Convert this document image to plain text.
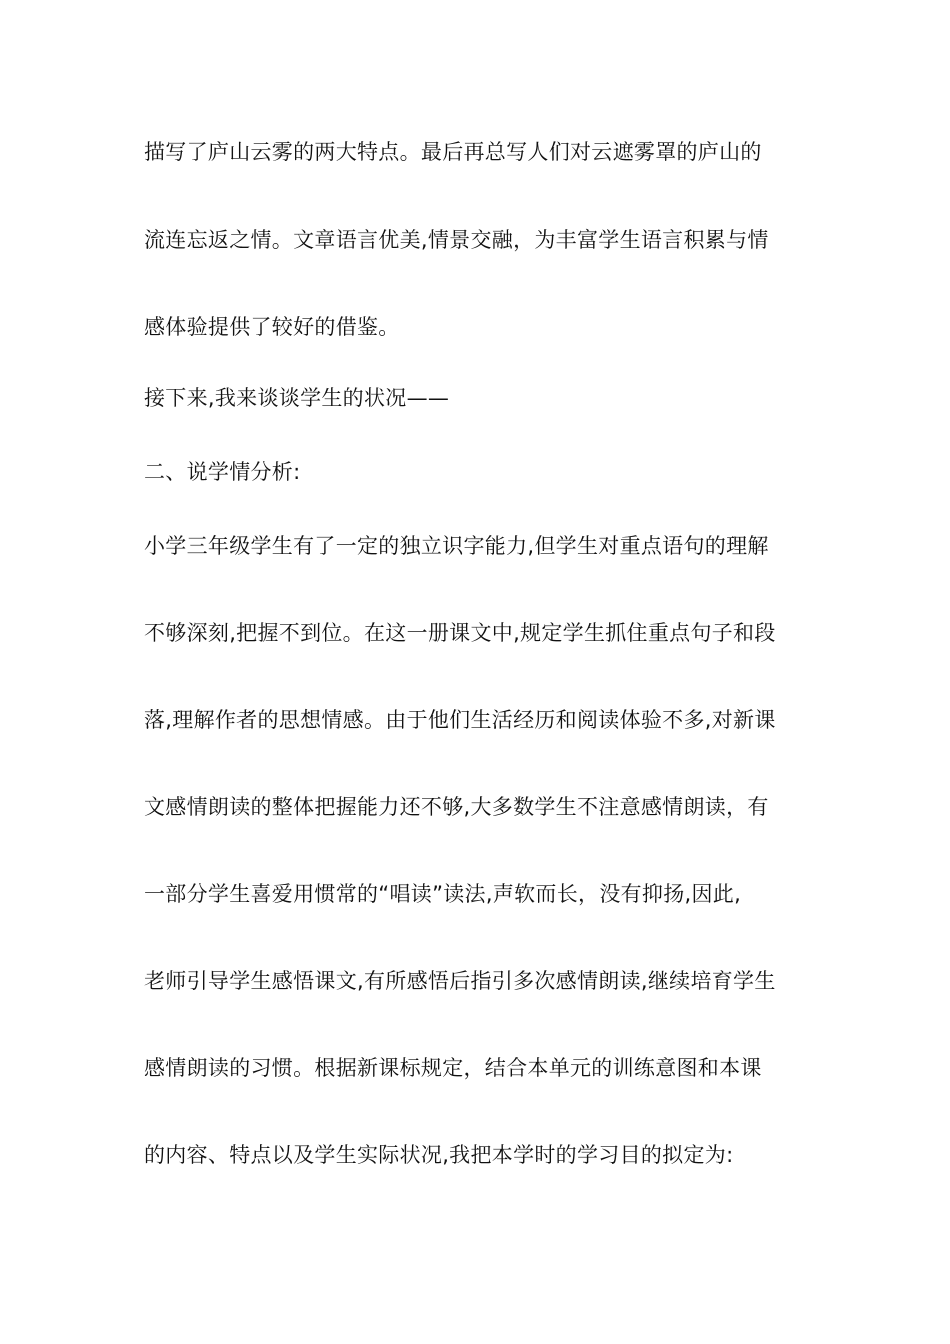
描写了庐山云雾的两大特点。最后再总写人们对云遮雾罩的庐山的
流连忘返之情。文章语言优美,情景交融，为丰富学生语言积累与情
感体验提供了较好的借鉴。
接下来,我来谈谈学生的状况——
二、说学情分析:
小学三年级学生有了一定的独立识字能力,但学生对重点语句的理解
不够深刻,把握不到位。在这一册课文中,规定学生抓住重点句子和段
落,理解作者的思想情感。由于他们生活经历和阅读体验不多,对新课
文感情朗读的整体把握能力还不够,大多数学生不注意感情朗读，有
一部分学生喜爱用惯常的“唱读”读法,声软而长，没有抑扬,因此,
老师引导学生感悟课文,有所感悟后指引多次感情朗读,继续培育学生
感情朗读的习惯。根据新课标规定，结合本单元的训练意图和本课
的内容、特点以及学生实际状况,我把本学时的学习目的拟定为:
